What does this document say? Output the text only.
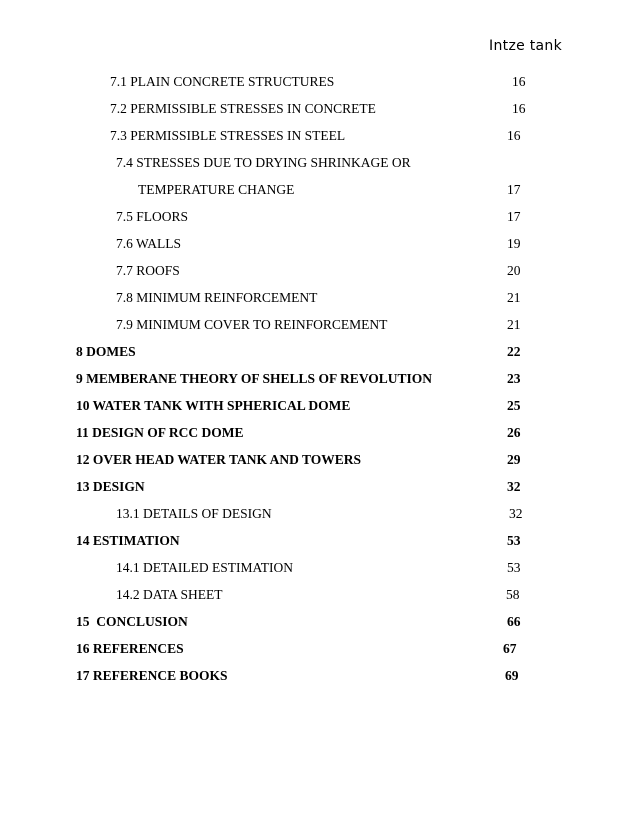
Intze tank
7.1 PLAIN CONCRETE STRUCTURES	16
7.2 PERMISSIBLE STRESSES IN CONCRETE	16
7.3 PERMISSIBLE STRESSES IN STEEL	16
7.4 STRESSES DUE TO DRYING SHRINKAGE OR
TEMPERATURE CHANGE	17
7.5 FLOORS	17
7.6 WALLS	19
7.7 ROOFS	20
7.8 MINIMUM REINFORCEMENT	21
7.9 MINIMUM COVER TO REINFORCEMENT	21
8 DOMES	22
9 MEMBERANE THEORY OF SHELLS OF REVOLUTION	23
10 WATER TANK WITH SPHERICAL DOME	25
11 DESIGN OF RCC DOME	26
12 OVER HEAD WATER TANK AND TOWERS	29
13 DESIGN	32
13.1 DETAILS OF DESIGN	32
14 ESTIMATION	53
14.1 DETAILED ESTIMATION	53
14.2 DATA SHEET	58
15  CONCLUSION	66
16 REFERENCES	67
17 REFERENCE BOOKS	69
